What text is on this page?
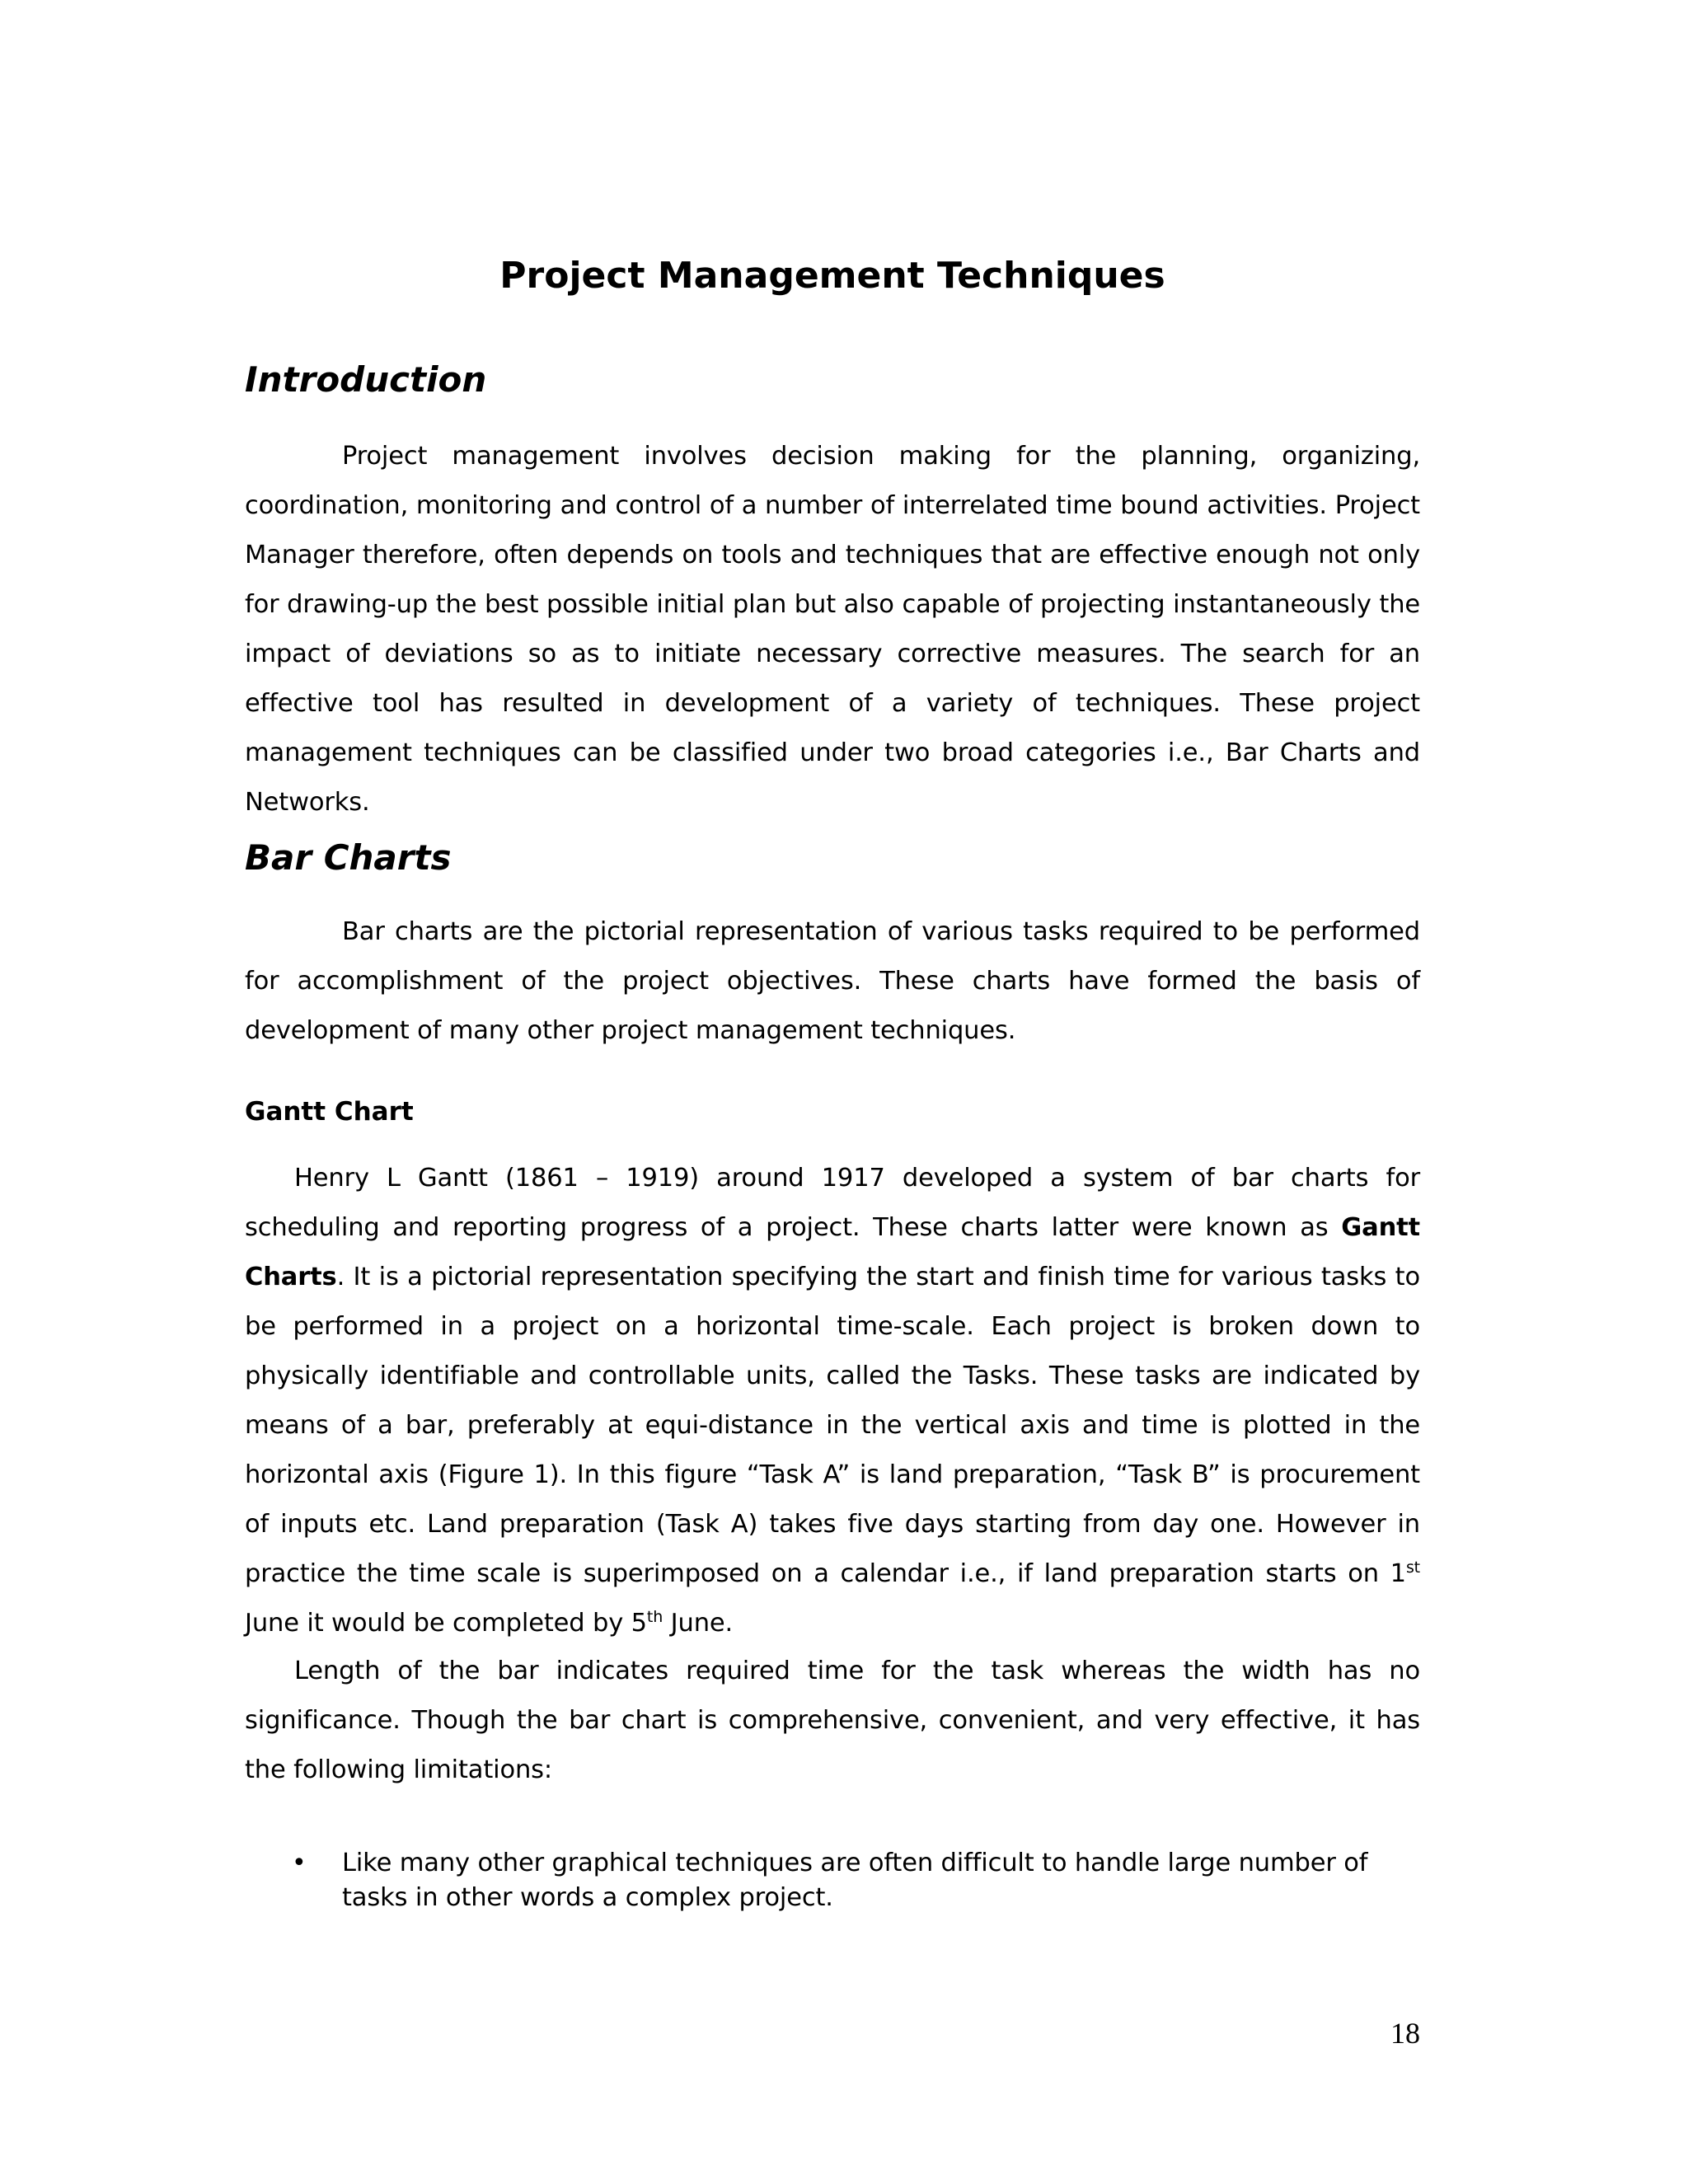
Project Management Techniques
Introduction

Project management involves decision making for the planning, organizing, coordination, monitoring and control of a number of interrelated time bound activities. Project Manager therefore, often depends on tools and techniques that are effective enough not only for drawing-up the best possible initial plan but also capable of projecting instantaneously the impact of deviations so as to initiate necessary corrective measures. The search for an effective tool has resulted in development of a variety of techniques. These project management techniques can be classified under two broad categories i.e., Bar Charts and Networks.

Bar Charts

Bar charts are the pictorial representation of various tasks required to be performed for accomplishment of the project objectives. These charts have formed the basis of development of many other project management techniques.

Gantt Chart

Henry L Gantt (1861 – 1919) around 1917 developed a system of bar charts for scheduling and reporting progress of a project. These charts latter were known as Gantt Charts. It is a pictorial representation specifying the start and finish time for various tasks to be performed in a project on a horizontal time-scale. Each project is broken down to physically identifiable and controllable units, called the Tasks. These tasks are indicated by means of a bar, preferably at equi-distance in the vertical axis and time is plotted in the horizontal axis (Figure 1). In this figure “Task A” is land preparation, “Task B” is procurement of inputs etc. Land preparation (Task A) takes five days starting from day one. However in practice the time scale is superimposed on a calendar i.e., if land preparation starts on 1st June it would be completed by 5th June.

Length of the bar indicates required time for the task whereas the width has no significance. Though the bar chart is comprehensive, convenient, and very effective, it has the following limitations:

• Like many other graphical techniques are often difficult to handle large number of tasks in other words a complex project.

18
